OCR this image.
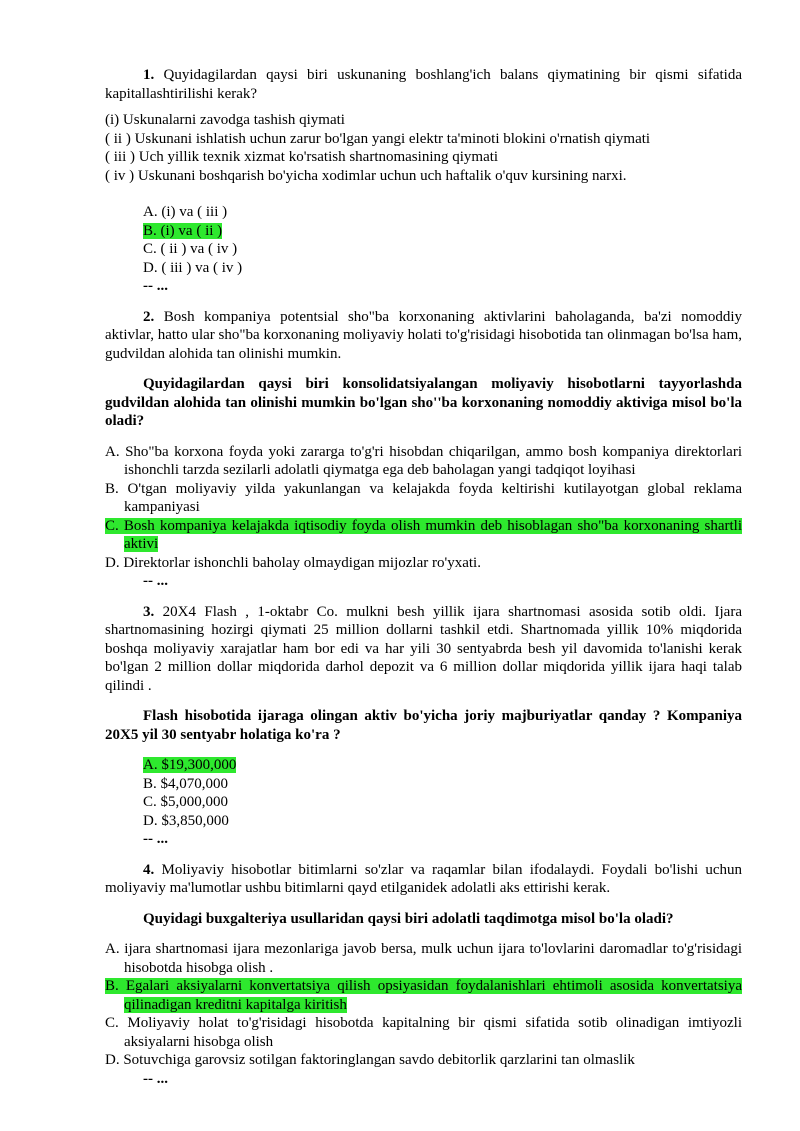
1. Quyidagilardan qaysi biri uskunaning boshlang'ich balans qiymatining bir qismi sifatida kapitallashtirilishi kerak?

(i) Uskunalarni zavodga tashish qiymati
( ii ) Uskunani ishlatish uchun zarur bo'lgan yangi elektr ta'minoti blokini o'rnatish qiymati
( iii ) Uch yillik texnik xizmat ko'rsatish shartnomasining qiymati
( iv ) Uskunani boshqarish bo'yicha xodimlar uchun uch haftalik o'quv kursining narxi.
A. (i) va ( iii )
B. (i) va ( ii )
C. ( ii ) va ( iv )
D. ( iii ) va ( iv )
-- ...

2. Bosh kompaniya potentsial sho"ba korxonaning aktivlarini baholaganda, ba'zi nomoddiy aktivlar, hatto ular sho"ba korxonaning moliyaviy holati to'g'risidagi hisobotida tan olinmagan bo'lsa ham, gudvildan alohida tan olinishi mumkin.

Quyidagilardan qaysi biri konsolidatsiyalangan moliyaviy hisobotlarni tayyorlashda gudvildan alohida tan olinishi mumkin bo'lgan sho''ba korxonaning nomoddiy aktiviga misol bo'la oladi?

A. Sho"ba korxona foyda yoki zararga to'g'ri hisobdan chiqarilgan, ammo bosh kompaniya direktorlari ishonchli tarzda sezilarli adolatli qiymatga ega deb baholagan yangi tadqiqot loyihasi
B. O'tgan moliyaviy yilda yakunlangan va kelajakda foyda keltirishi kutilayotgan global reklama kampaniyasi
C. Bosh kompaniya kelajakda iqtisodiy foyda olish mumkin deb hisoblagan sho"ba korxonaning shartli aktivi
D. Direktorlar ishonchli baholay olmaydigan mijozlar ro'yxati.
-- ...

3. 20X4 Flash , 1-oktabr Co. mulkni besh yillik ijara shartnomasi asosida sotib oldi. Ijara shartnomasining hozirgi qiymati 25 million dollarni tashkil etdi. Shartnomada yillik 10% miqdorida boshqa moliyaviy xarajatlar ham bor edi va har yili 30 sentyabrda besh yil davomida to'lanishi kerak bo'lgan 2 million dollar miqdorida darhol depozit va 6 million dollar miqdorida yillik ijara haqi talab qilindi .

Flash hisobotida ijaraga olingan aktiv bo'yicha joriy majburiyatlar qanday ? Kompaniya 20X5 yil 30 sentyabr holatiga ko'ra ?

A. $19,300,000
B. $4,070,000
C. $5,000,000
D. $3,850,000
-- ...

4. Moliyaviy hisobotlar bitimlarni so'zlar va raqamlar bilan ifodalaydi. Foydali bo'lishi uchun moliyaviy ma'lumotlar ushbu bitimlarni qayd etilganidek adolatli aks ettirishi kerak.

Quyidagi buxgalteriya usullaridan qaysi biri adolatli taqdimotga misol bo'la oladi?

A. ijara shartnomasi ijara mezonlariga javob bersa, mulk uchun ijara to'lovlarini daromadlar to'g'risidagi hisobotda hisobga olish .
B. Egalari aksiyalarni konvertatsiya qilish opsiyasidan foydalanishlari ehtimoli asosida konvertatsiya qilinadigan kreditni kapitalga kiritish
C. Moliyaviy holat to'g'risidagi hisobotda kapitalning bir qismi sifatida sotib olinadigan imtiyozli aksiyalarni hisobga olish
D. Sotuvchiga garovsiz sotilgan faktoringlangan savdo debitorlik qarzlarini tan olmaslik
-- ...
